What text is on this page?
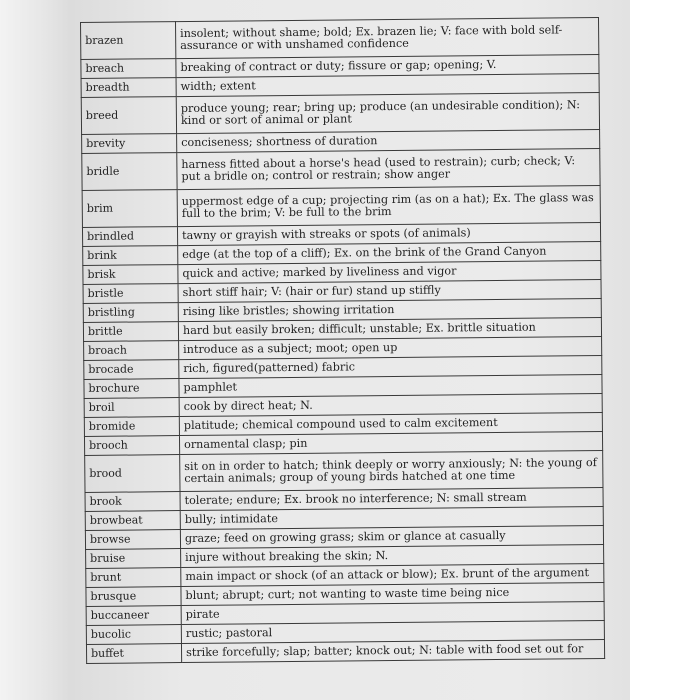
brazen	insolent; without shame; bold; Ex. brazen lie; V: face with bold self-assurance or with unshamed confidence
breach	breaking of contract or duty; fissure or gap; opening; V.
breadth	width; extent
breed	produce young; rear; bring up; produce (an undesirable condition); N: kind or sort of animal or plant
brevity	conciseness; shortness of duration
bridle	harness fitted about a horse's head (used to restrain); curb; check; V: put a bridle on; control or restrain; show anger
brim	uppermost edge of a cup; projecting rim (as on a hat); Ex. The glass was full to the brim; V: be full to the brim
brindled	tawny or grayish with streaks or spots (of animals)
brink	edge (at the top of a cliff); Ex. on the brink of the Grand Canyon
brisk	quick and active; marked by liveliness and vigor
bristle	short stiff hair; V: (hair or fur) stand up stiffly
bristling	rising like bristles; showing irritation
brittle	hard but easily broken; difficult; unstable; Ex. brittle situation
broach	introduce as a subject; moot; open up
brocade	rich, figured(patterned) fabric
brochure	pamphlet
broil	cook by direct heat; N.
bromide	platitude; chemical compound used to calm excitement
brooch	ornamental clasp; pin
brood	sit on in order to hatch; think deeply or worry anxiously; N: the young of certain animals; group of young birds hatched at one time
brook	tolerate; endure; Ex. brook no interference; N: small stream
browbeat	bully; intimidate
browse	graze; feed on growing grass; skim or glance at casually
bruise	injure without breaking the skin; N.
brunt	main impact or shock (of an attack or blow); Ex. brunt of the argument
brusque	blunt; abrupt; curt; not wanting to waste time being nice
buccaneer	pirate
bucolic	rustic; pastoral
buffet	strike forcefully; slap; batter; knock out; N: table with food set out for
